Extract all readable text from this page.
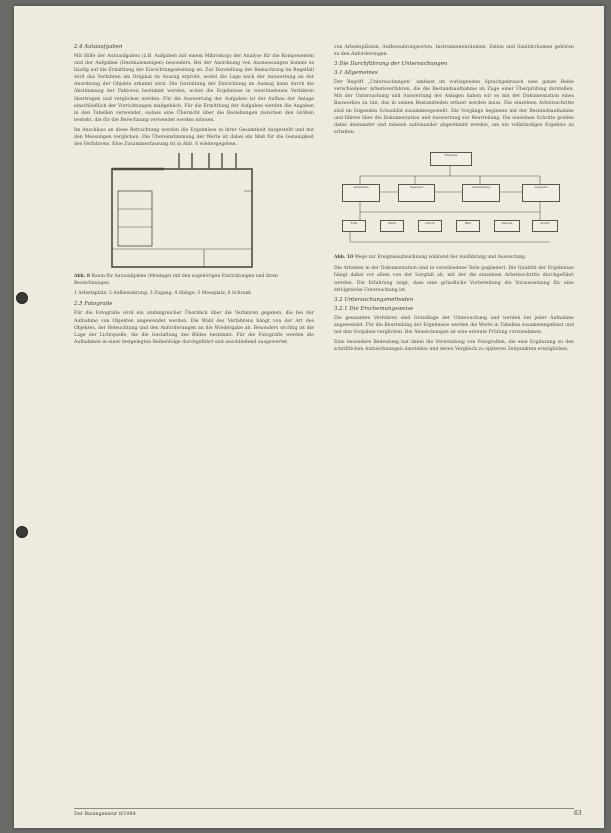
2.4 Autoaufgaben
Mit Hilfe der Autoaufgaben (z.B. Aufgaben mit einem Mikroskop) der Analyse für die Komponenten und der Aufgaben (Dezimalenzeigen) besonders. Bei der Anordnung von Ausmessungen kommt es häufig auf die Ermittlung der Einrichtungsstellung an. Zur Darstellung der Beleuchtung im Regelfall wird das Verfahren am Original im Auszug erprobt, wobei die Lage nach der Auswertung an der Anordnung der Objekte erkannt wird. Die Gestaltung der Einrichtung im Auszug kann durch die Abstimmung der Faktoren bestimmt werden, wobei die Ergebnisse in verschiedenen Verfahren übertragen und verglichen werden. Für die Auswertung der Aufgaben ist der Aufbau der Anlage einschließlich der Vorrichtungen maßgeblich. Für die Ermittlung der Aufgaben werden die Angaben in den Tabellen verwendet, sodass eine Übersicht über die Beziehungen zwischen den Größen besteht, die für die Berechnung verwendet werden müssen.
Im Anschluss an diese Betrachtung werden die Ergebnisse in ihrer Gesamtheit dargestellt und mit den Messungen verglichen. Die Übereinstimmung der Werte ist dabei ein Maß für die Genauigkeit des Verfahrens. Eine Zusammenfassung ist in Abb. 8 wiedergegeben.
Abb. 8 Raum für Autoaufgaben (Montage) mit den zugehörigen Einrichtungen und ihren Bezeichnungen
1 Arbeitsplatz; 2 Aufbewahrung; 3 Zugang; 4 Ablage; 5 Messplatz; 6 Schrank
2.5 Fotografie
Für die Fotografie wird ein umfangreicher Überblick über die Verfahren gegeben, die bei der Aufnahme von Objekten angewendet werden. Die Wahl des Verfahrens hängt von der Art des Objektes, der Beleuchtung und den Anforderungen an die Wiedergabe ab. Besonders wichtig ist die Lage der Lichtquelle, die die Gestaltung des Bildes bestimmt. Für die Fotografie werden die Aufnahmen in einer festgelegten Reihenfolge durchgeführt und anschließend ausgewertet.
von Arbeitsplätzen, Aufbewahrungsorten, Instrumentenräumen, Zellen und Sanitärräumen gehören zu den Anforderungen.
3 Die Durchführung der Untersuchungen
3.1 Allgemeines
Der Begriff „Untersuchungen“ umfasst im vorliegenden Sprachgebrauch eine ganze Reihe verschiedener Arbeitsverfahren, die die Bestandsaufnahme im Zuge einer Überprüfung darstellen. Mit der Untersuchung und Auswertung der Anlagen haben wir es mit der Dokumentation eines Bauwerkes zu tun, das in seinen Bestandteilen erfasst werden muss. Die einzelnen Arbeitsschritte sind im folgenden Schaubild zusammengestellt. Die Vorgänge beginnen mit der Bestandsaufnahme und führen über die Dokumentation und Auswertung zur Beurteilung. Die einzelnen Schritte greifen dabei ineinander und müssen aufeinander abgestimmt werden, um ein vollständiges Ergebnis zu erhalten.
Ereignis
Aufnahme	Speicher	Auswertung	Ausgabe
Film	Band	Druck	Bild	Tabelle	Archiv
Abb. 10 Wege zur Ereignisaufzeichnung während der Ausführung und Auswertung
Die Arbeiten in der Dokumentation sind in verschiedene Teile gegliedert. Die Qualität der Ergebnisse hängt dabei vor allem von der Sorgfalt ab, mit der die einzelnen Arbeitsschritte durchgeführt werden. Die Erfahrung zeigt, dass eine gründliche Vorbereitung die Voraussetzung für eine erfolgreiche Untersuchung ist.
3.2 Untersuchungsmethoden
3.2.1 Die Erscheinungsweise
Die genannten Verfahren sind Grundlage der Untersuchung und werden bei jeder Aufnahme angewendet. Für die Beurteilung der Ergebnisse werden die Werte in Tabellen zusammengefasst und mit den Vorgaben verglichen. Bei Abweichungen ist eine erneute Prüfung vorzunehmen.
Eine besondere Bedeutung hat dabei die Verwendung von Fotografien, die eine Ergänzung zu den schriftlichen Aufzeichnungen darstellen und deren Vergleich zu späteren Zeitpunkten ermöglichen.
Der Bauingenieur 8/1984	63
